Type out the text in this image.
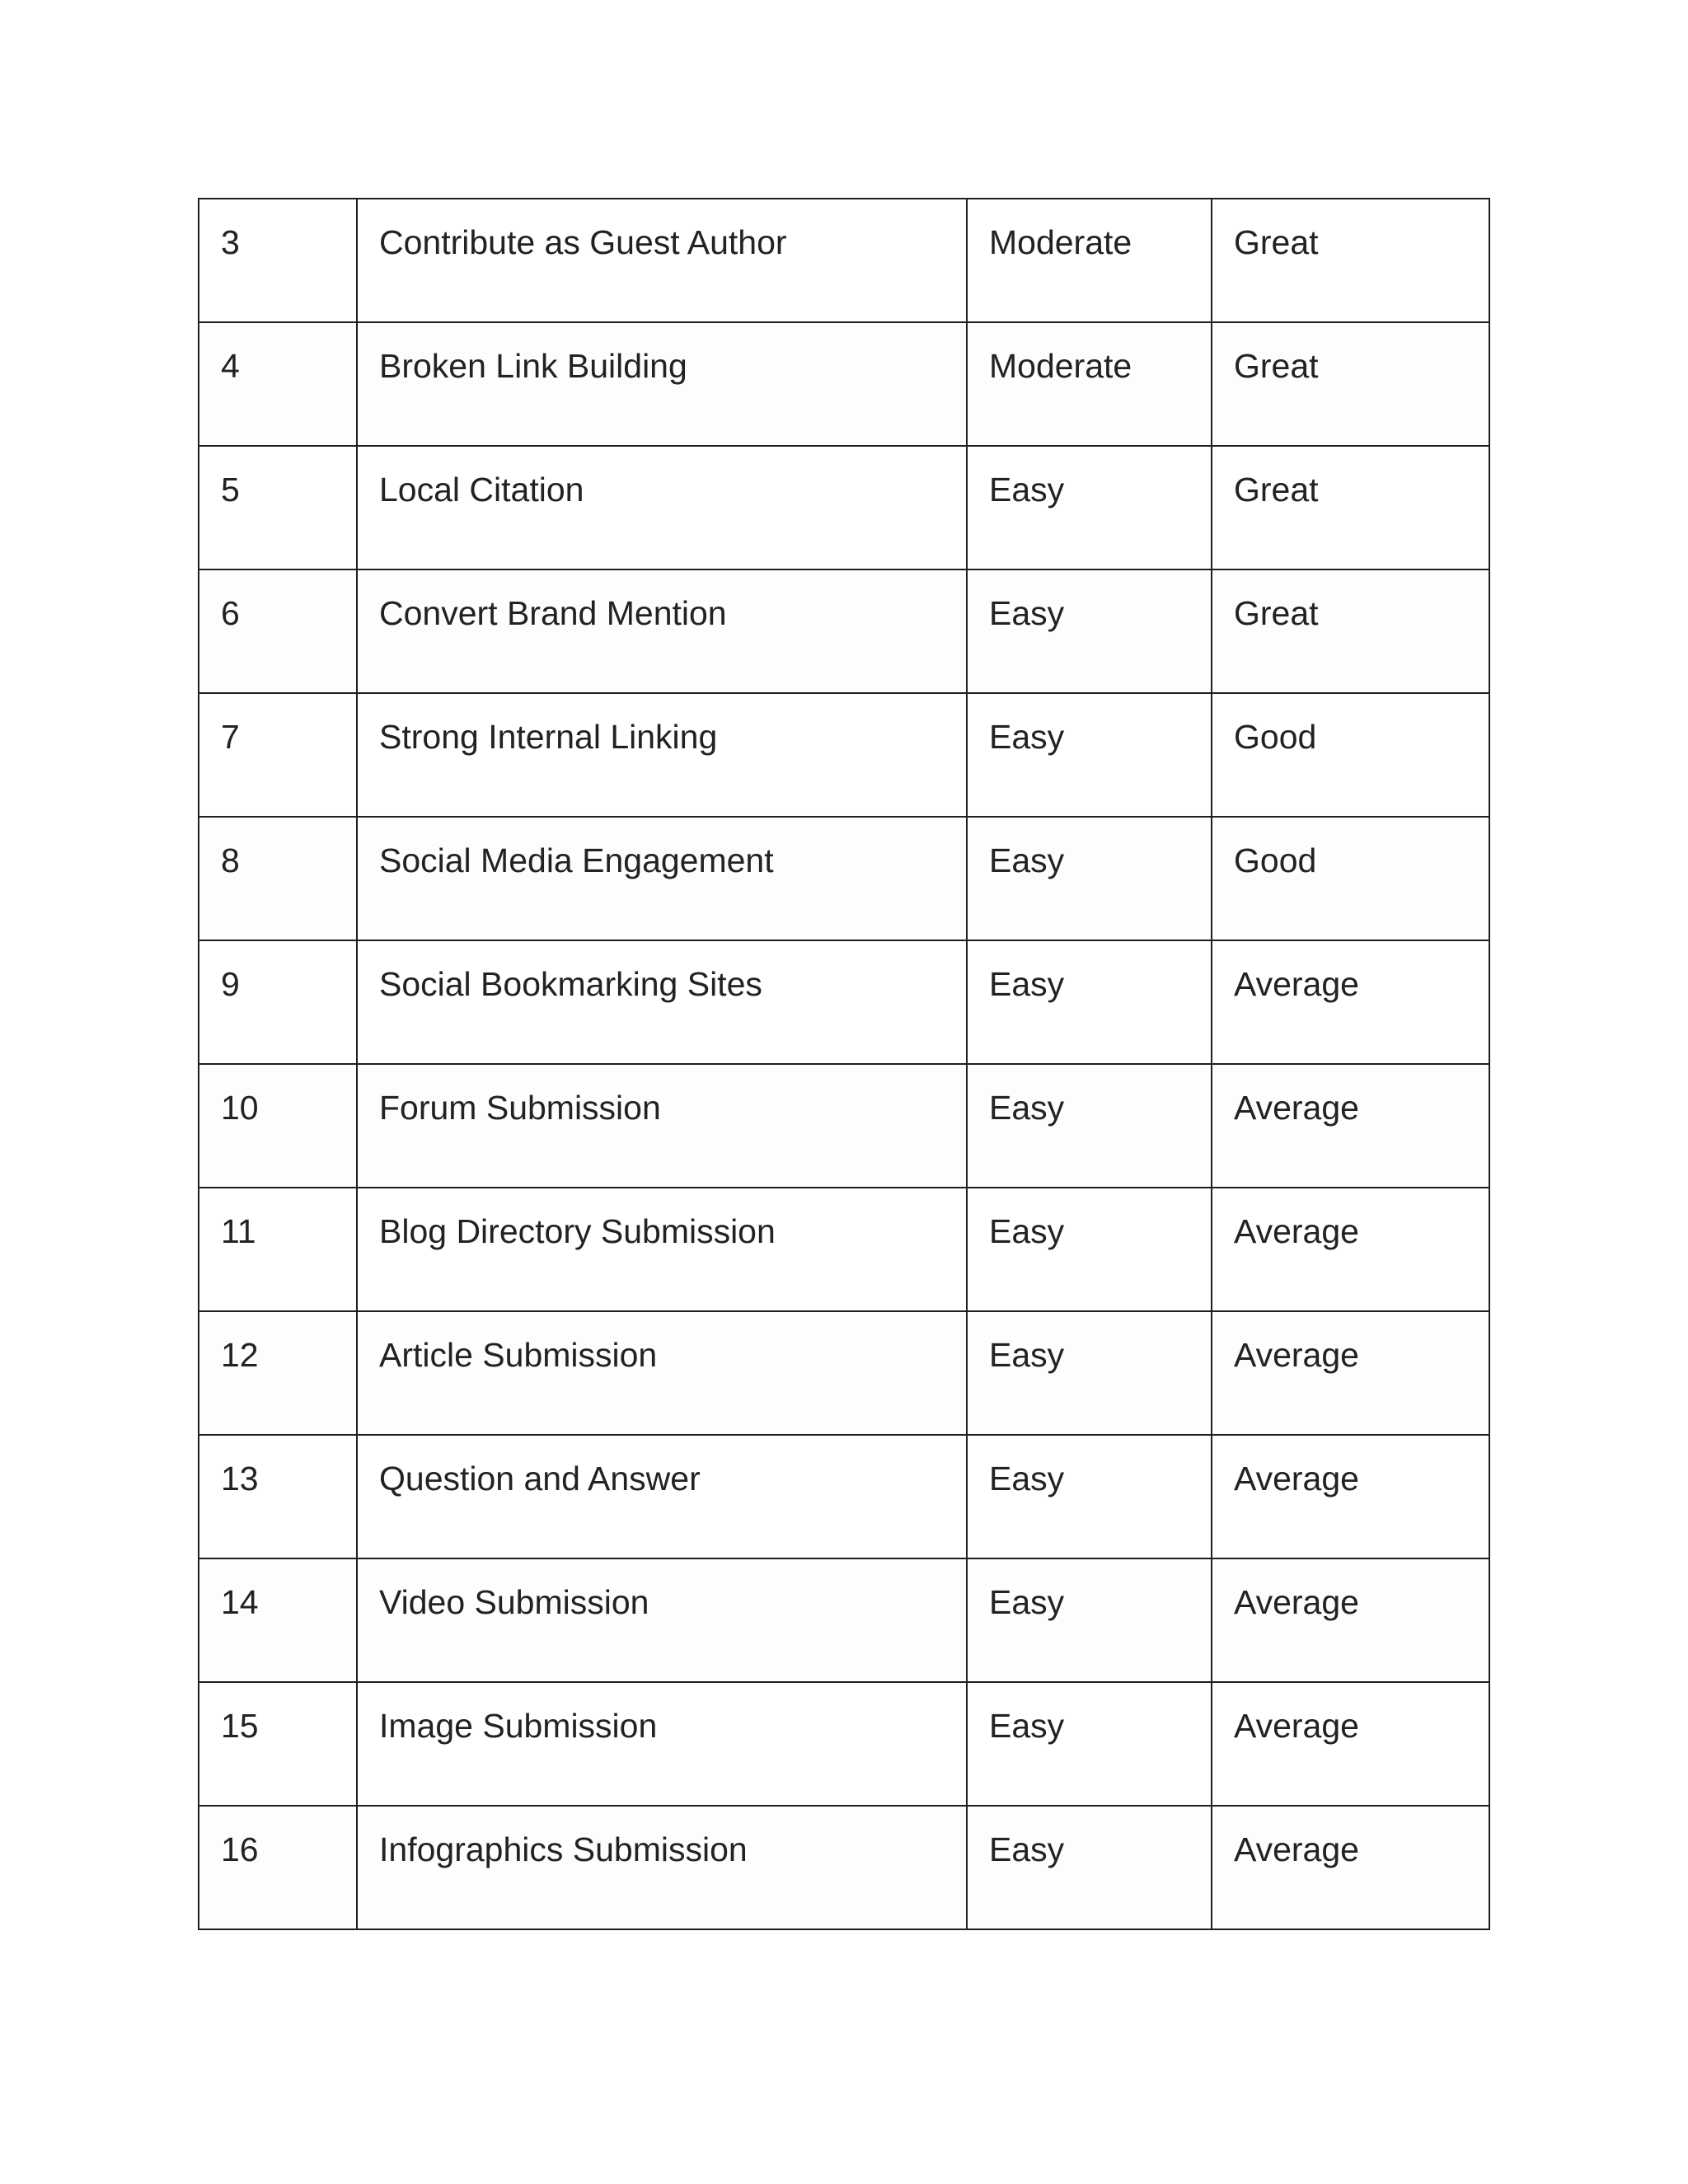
3	Contribute as Guest Author	Moderate	Great
4	Broken Link Building	Moderate	Great
5	Local Citation	Easy	Great
6	Convert Brand Mention	Easy	Great
7	Strong Internal Linking	Easy	Good
8	Social Media Engagement	Easy	Good
9	Social Bookmarking Sites	Easy	Average
10	Forum Submission	Easy	Average
11	Blog Directory Submission	Easy	Average
12	Article Submission	Easy	Average
13	Question and Answer	Easy	Average
14	Video Submission	Easy	Average
15	Image Submission	Easy	Average
16	Infographics Submission	Easy	Average
